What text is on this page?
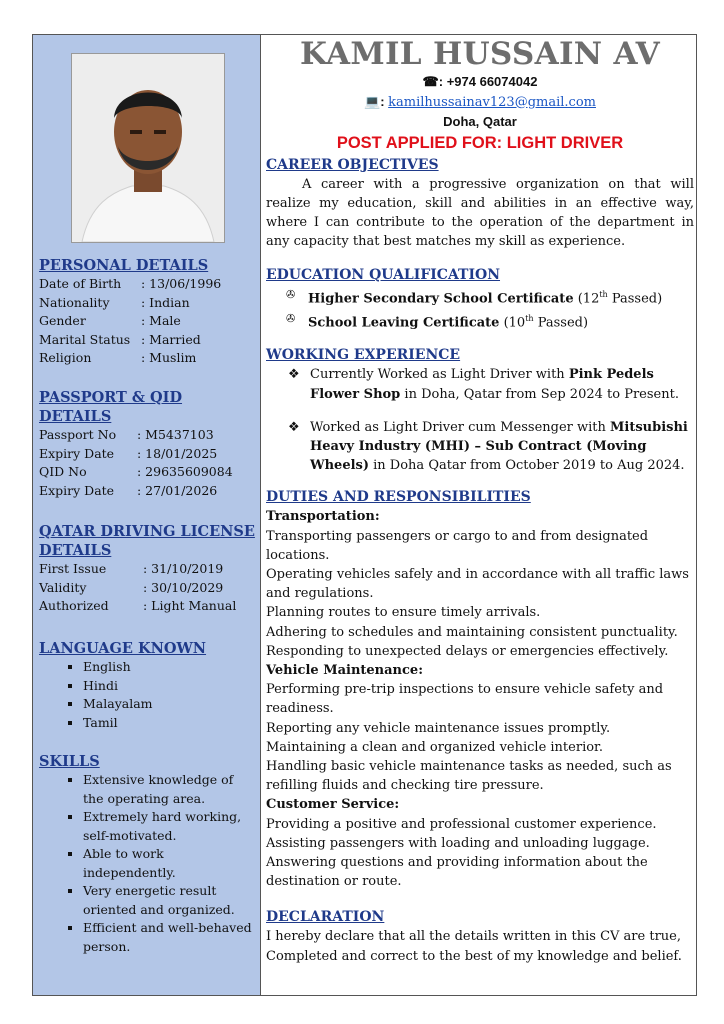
PERSONAL DETAILS
Date of Birth	: 13/06/1996
Nationality	: Indian
Gender	: Male
Marital Status : Married
Religion	: Muslim
PASSPORT & QID
DETAILS
Passport No	: M5437103
Expiry Date	: 18/01/2025
QID No	: 29635609084
Expiry Date	: 27/01/2026
QATAR DRIVING LICENSE
DETAILS
First Issue	: 31/10/2019
Validity	: 30/10/2029
Authorized	: Light Manual
LANGUAGE KNOWN
▪ English
▪ Hindi
▪ Malayalam
▪ Tamil
SKILLS
▪ Extensive knowledge of the operating area.
▪ Extremely hard working, self-motivated.
▪ Able to work independently.
▪ Very energetic result oriented and organized.
▪ Efficient and well-behaved person.
KAMIL HUSSAIN AV
☎: +974 66074042
💻: kamilhussainav123@gmail.com
Doha, Qatar
POST APPLIED FOR: LIGHT DRIVER
CAREER OBJECTIVES
A career with a progressive organization on that will realize my education, skill and abilities in an effective way, where I can contribute to the operation of the department in any capacity that best matches my skill as experience.
EDUCATION QUALIFICATION
✇ Higher Secondary School Certificate (12th Passed)
✇ School Leaving Certificate (10th Passed)
WORKING EXPERIENCE
❖ Currently Worked as Light Driver with Pink Pedels Flower Shop in Doha, Qatar from Sep 2024 to Present.
❖ Worked as Light Driver cum Messenger with Mitsubishi Heavy Industry (MHI) – Sub Contract (Moving Wheels) in Doha Qatar from October 2019 to Aug 2024.
DUTIES AND RESPONSIBILITIES
Transportation:
Transporting passengers or cargo to and from designated locations.
Operating vehicles safely and in accordance with all traffic laws and regulations.
Planning routes to ensure timely arrivals.
Adhering to schedules and maintaining consistent punctuality.
Responding to unexpected delays or emergencies effectively.
Vehicle Maintenance:
Performing pre-trip inspections to ensure vehicle safety and readiness.
Reporting any vehicle maintenance issues promptly.
Maintaining a clean and organized vehicle interior.
Handling basic vehicle maintenance tasks as needed, such as refilling fluids and checking tire pressure.
Customer Service:
Providing a positive and professional customer experience.
Assisting passengers with loading and unloading luggage.
Answering questions and providing information about the destination or route.
DECLARATION
I hereby declare that all the details written in this CV are true, Completed and correct to the best of my knowledge and belief.
